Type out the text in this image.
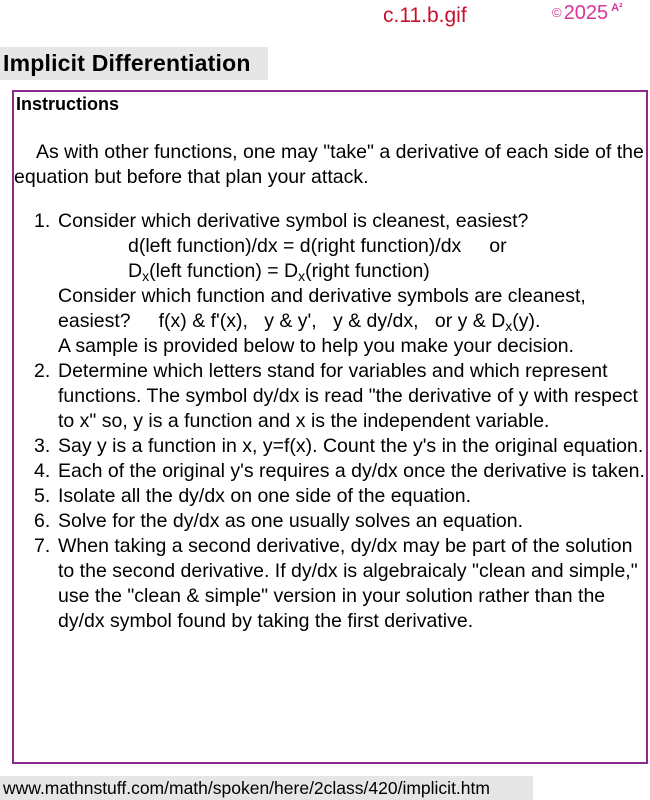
c.11.b.gif	© 2025 $^{A^2}$
Implicit Differentiation
Instructions
As with other functions, one may "take" a derivative of each side of the equation but before that plan your attack.
1. Consider which derivative symbol is cleanest, easiest?
d(left function)/dx = d(right function)/dx or
$D_x(left$ function) = $D_x(right$ function)
Consider which function and derivative symbols are cleanest, easiest? f(x) & f'(x), y & y', y & dy/dx, or y & $D_x(y)$.
A sample is provided below to help you make your decision.
2. Determine which letters stand for variables and which represent functions. The symbol dy/dx is read "the derivative of y with respect to x" so, y is a function and x is the independent variable.
3. Say y is a function in x, y=f(x). Count the y's in the original equation.
4. Each of the original y's requires a dy/dx once the derivative is taken.
5. Isolate all the dy/dx on one side of the equation.
6. Solve for the dy/dx as one usually solves an equation.
7. When taking a second derivative, dy/dx may be part of the solution to the second derivative. If dy/dx is algebraicaly "clean and simple," use the "clean & simple" version in your solution rather than the dy/dx symbol found by taking the first derivative.
www.mathnstuff.com/math/spoken/here/2class/420/implicit.htm
